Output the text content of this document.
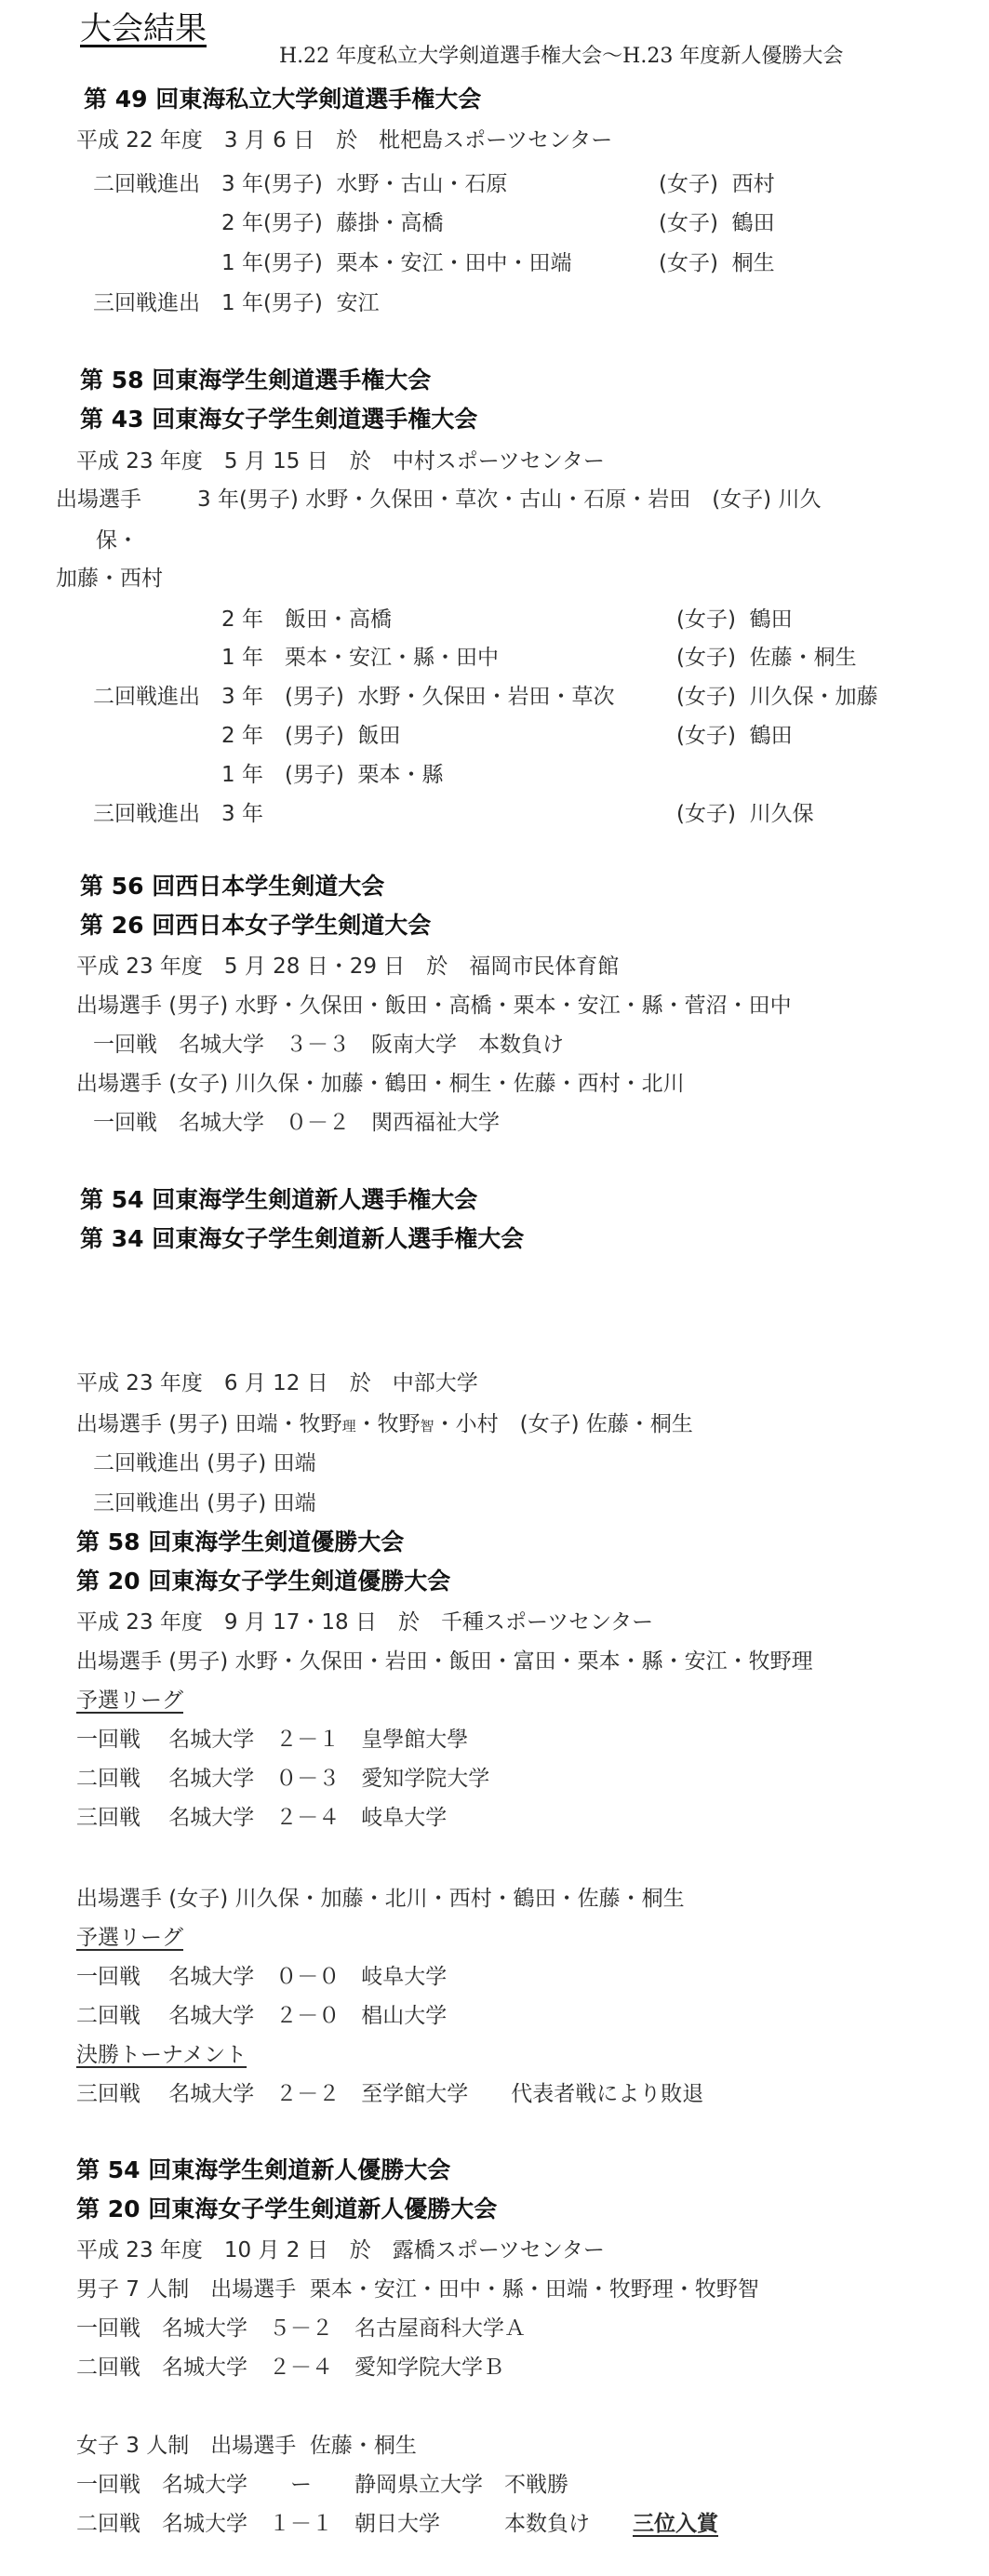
大会結果
H.22 年度私立大学剣道選手権大会～H.23 年度新人優勝大会
第 49 回東海私立大学剣道選手権大会
平成 22 年度　3 月 6 日　於　枇杷島スポーツセンター
二回戦進出 3 年(男子)  水野・古山・石原	(女子)  西村
2 年(男子)  藤掛・高橋	(女子)  鶴田
1 年(男子)  栗本・安江・田中・田端	(女子)  桐生
三回戦進出 1 年(男子)  安江
第 58 回東海学生剣道選手権大会
第 43 回東海女子学生剣道選手権大会
平成 23 年度　5 月 15 日　於　中村スポーツセンター
出場選手	3 年(男子) 水野・久保田・草次・古山・石原・岩田　(女子) 川久
保・
加藤・西村
2 年　飯田・高橋	(女子)  鶴田
1 年　栗本・安江・縣・田中	(女子)  佐藤・桐生
二回戦進出 3 年　(男子)  水野・久保田・岩田・草次	(女子)  川久保・加藤
2 年　(男子)  飯田	(女子)  鶴田
1 年　(男子)  栗本・縣
三回戦進出 3 年	(女子)  川久保
第 56 回西日本学生剣道大会
第 26 回西日本女子学生剣道大会
平成 23 年度　5 月 28 日・29 日　於　福岡市民体育館
出場選手 (男子) 水野・久保田・飯田・高橋・栗本・安江・縣・菅沼・田中
一回戦　名城大学　３－３　阪南大学　本数負け
出場選手 (女子) 川久保・加藤・鶴田・桐生・佐藤・西村・北川
一回戦　名城大学　０－２　関西福祉大学
第 54 回東海学生剣道新人選手権大会
第 34 回東海女子学生剣道新人選手権大会
平成 23 年度　6 月 12 日　於　中部大学
出場選手 (男子) 田端・牧野理・牧野智・小村　(女子) 佐藤・桐生
二回戦進出 (男子) 田端
三回戦進出 (男子) 田端
第 58 回東海学生剣道優勝大会
第 20 回東海女子学生剣道優勝大会
平成 23 年度　9 月 17・18 日　於　千種スポーツセンター
出場選手 (男子) 水野・久保田・岩田・飯田・富田・栗本・縣・安江・牧野理
予選リーグ
一回戦　 名城大学　２－１　皇學館大學
二回戦　 名城大学　０－３　愛知学院大学
三回戦　 名城大学　２－４　岐阜大学
出場選手 (女子) 川久保・加藤・北川・西村・鶴田・佐藤・桐生
予選リーグ
一回戦　 名城大学　０－０　岐阜大学
二回戦　 名城大学　２－０　椙山大学
決勝トーナメント
三回戦　 名城大学　２－２　至学館大学　　代表者戦により敗退
第 54 回東海学生剣道新人優勝大会
第 20 回東海女子学生剣道新人優勝大会
平成 23 年度　10 月 2 日　於　露橋スポーツセンター
男子 7 人制　出場選手  栗本・安江・田中・縣・田端・牧野理・牧野智
一回戦　名城大学　５－２　名古屋商科大学Ａ
二回戦　名城大学　２－４　愛知学院大学Ｂ
女子 3 人制　出場選手  佐藤・桐生
一回戦　名城大学　　ー　　静岡県立大学　不戦勝
二回戦　名城大学　１－１　朝日大学　　　本数負け　　 三位入賞
